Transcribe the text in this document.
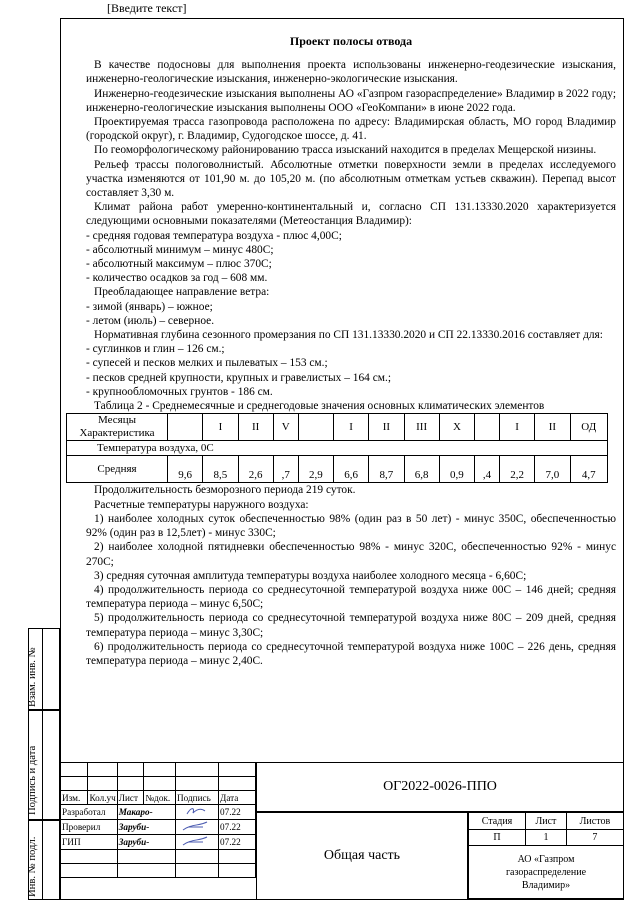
[Введите текст]
Проект полосы отвода

В качестве подосновы для выполнения проекта использованы инженерно-геодезические изыскания, инженерно-геологические изыскания, инженерно-экологические изыскания.

Инженерно-геодезические изыскания выполнены АО «Газпром газораспределение» Владимир в 2022 году; инженерно-геологические изыскания выполнены ООО «ГеоКомпани» в июне 2022 года.

Проектируемая трасса газопровода расположена по адресу: Владимирская область, МО город Владимир (городской округ), г. Владимир, Судогодское шоссе, д. 41.

По геоморфологическому районированию трасса изысканий находится в пределах Мещерской низины.

Рельеф трассы пологоволнистый. Абсолютные отметки поверхности земли в пределах исследуемого участка изменяются от 101,90 м. до 105,20 м. (по абсолютным отметкам устьев скважин). Перепад высот составляет 3,30 м.

Климат района работ умеренно-континентальный и, согласно СП 131.13330.2020 характеризуется следующими основными показателями (Метеостанция Владимир):

- средняя годовая температура воздуха - плюс 4,00С;

- абсолютный минимум – минус 480С;

- абсолютный максимум – плюс 370С;

- количество осадков за год – 608 мм.

Преобладающее направление ветра:

- зимой (январь) – южное;

- летом (июль) – северное.

Нормативная глубина сезонного промерзания по СП 131.13330.2020 и СП 22.13330.2016 составляет для:

- суглинков и глин – 126 см.;

- супесей и песков мелких и пылеватых – 153 см.;

- песков средней крупности, крупных и гравелистых – 164 см.;

- крупнообломочных грунтов - 186 см.

Таблица 2 - Среднемесячные и среднегодовые значения основных климатических элементов

Месяцы
Характеристика		I	II	V		I	II	III	X		I	II	ОД
Температура воздуха, 0С													
Средняя	9,6	8,5	2,6	,7	2,9	6,6	8,7	6,8	0,9	,4	2,2	7,0	4,7

Продолжительность безморозного периода 219 суток.

Расчетные температуры наружного воздуха:

1) наиболее холодных суток обеспеченностью 98% (один раз в 50 лет) - минус 350С, обеспеченностью 92% (один раз в 12,5лет) - минус 330С;

2) наиболее холодной пятидневки обеспеченностью 98% - минус 320С, обеспеченностью 92% - минус 270С;

3) средняя суточная амплитуда температуры воздуха наиболее холодного месяца - 6,60С;

4) продолжительность периода со среднесуточной температурой воздуха ниже 00С – 146 дней; средняя температура периода – минус 6,50С;

5) продолжительность периода со среднесуточной температурой воздуха ниже 80С – 209 дней, средняя температура периода – минус 3,30С;

6) продолжительность периода со среднесуточной температурой воздуха ниже 100С – 226 день, средняя температура периода – минус 2,40С.

Взам. инв. №
Подпись и дата
Инв. № подл.

Изм.	Кол.уч	Лист	№док.	Подпись	Дата
Разработал		Макаро-			07.22
Проверил		Заруби-			07.22
ГИП		Заруби-			07.22

ОГ2022-0026-ППО
Общая часть
Стадия	Лист	Листов
П	1	7
АО «Газпром газораспределение Владимир»		
